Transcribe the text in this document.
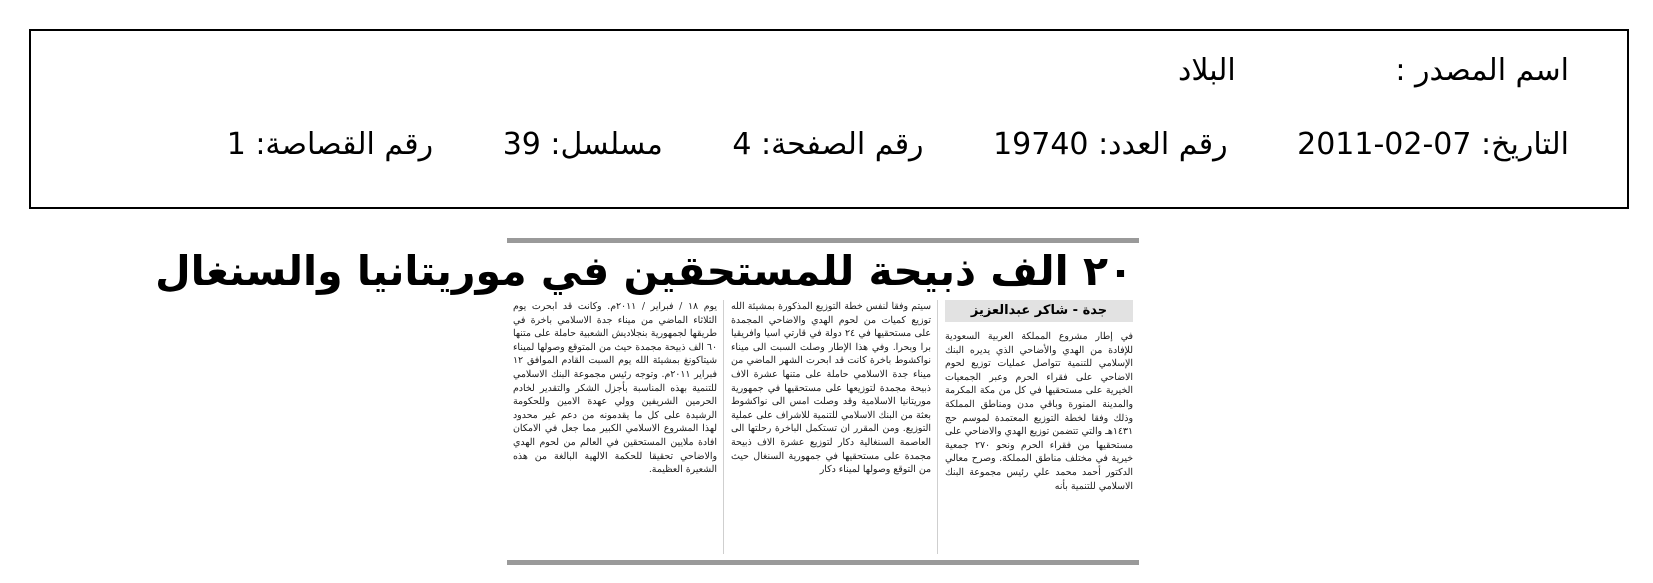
اسم المصدر : البلاد
التاريخ: 2011-02-07 رقم العدد: 19740 رقم الصفحة: 4 مسلسل: 39 رقم القصاصة: 1
٢٠ الف ذبيحة للمستحقين في موريتانيا والسنغال
جدة - شاكر عبدالعزيز

في إطار مشروع المملكة العربية السعودية للإفادة من الهدي والأضاحي الذي يديره البنك الإسلامي للتنمية تتواصل عمليات توزيع لحوم الاضاحي على فقراء الحرم وعبر الجمعيات الخيرية على مستحقيها في كل من مكة المكرمة والمدينة المنورة وباقي مدن ومناطق المملكة وذلك وفقا لخطة التوزيع المعتمدة لموسم حج ١٤٣١هـ والتي تتضمن توزيع الهدي والاضاحي على مستحقيها من فقراء الحرم ونحو ٢٧٠ جمعية خيرية في مختلف مناطق المملكة. وصرح معالي الدكتور أحمد محمد علي رئيس مجموعة البنك الاسلامي للتنمية بأنه

سيتم وفقا لنفس خطة التوزيع المذكورة بمشيئة الله توزيع كميات من لحوم الهدي والاضاحي المجمدة على مستحقيها في ٢٤ دولة في قارتي اسيا وافريقيا برا وبحرا. وفي هذا الإطار وصلت السبت الى ميناء نواكشوط باخرة كانت قد ابحرت الشهر الماضي من ميناء جدة الاسلامي حاملة على متنها عشرة الاف ذبيحة مجمدة لتوزيعها على مستحقيها في جمهورية موريتانيا الاسلامية وقد وصلت امس الى نواكشوط بعثة من البنك الاسلامي للتنمية للاشراف على عملية التوزيع. ومن المقرر ان تستكمل الباخرة رحلتها الى العاصمة السنغالية دكار لتوزيع عشرة الاف ذبيحة مجمدة على مستحقيها في جمهورية السنغال حيث من التوقع وصولها لميناء دكار

يوم ١٨ / فبراير / ٢٠١١م. وكانت قد ابحرت يوم الثلاثاء الماضي من ميناء جدة الاسلامي باخرة في طريقها لجمهورية بنجلاديش الشعبية حاملة على متنها ٦٠ الف ذبيحة مجمدة حيث من المتوقع وصولها لميناء شيتاكونغ بمشيئة الله يوم السبت القادم الموافق ١٢ فبراير ٢٠١١م. وتوجه رئيس مجموعة البنك الاسلامي للتنمية بهذه المناسبة بأجزل الشكر والتقدير لخادم الحرمين الشريفين وولي عهدة الامين وللحكومة الرشيدة على كل ما يقدمونه من دعم غير محدود لهذا المشروع الاسلامي الكبير مما جعل في الامكان افادة ملايين المستحقين في العالم من لحوم الهدي والاضاحي تحقيقا للحكمة الالهية البالغة من هذه الشعيرة العظيمة.
